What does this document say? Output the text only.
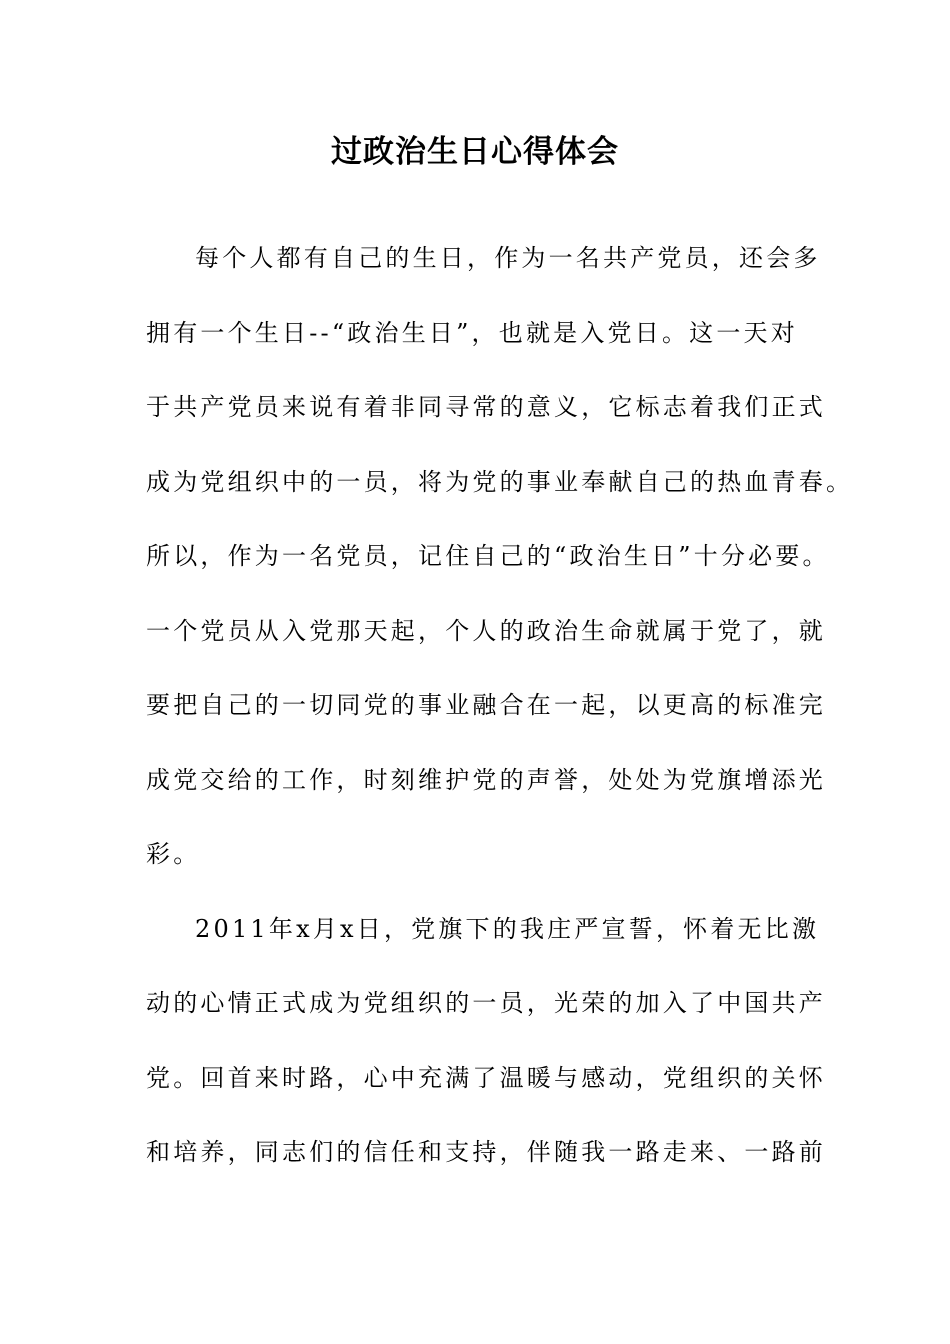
过政治生日心得体会
每个人都有自己的生日，作为一名共产党员，还会多
拥有一个生日--“政治生日”，也就是入党日。这一天对
于共产党员来说有着非同寻常的意义，它标志着我们正式
成为党组织中的一员，将为党的事业奉献自己的热血青春。
所以，作为一名党员，记住自己的“政治生日”十分必要。
一个党员从入党那天起，个人的政治生命就属于党了，就
要把自己的一切同党的事业融合在一起，以更高的标准完
成党交给的工作，时刻维护党的声誉，处处为党旗增添光
彩。
2011年x月x日，党旗下的我庄严宣誓，怀着无比激
动的心情正式成为党组织的一员，光荣的加入了中国共产
党。回首来时路，心中充满了温暖与感动，党组织的关怀
和培养，同志们的信任和支持，伴随我一路走来、一路前
